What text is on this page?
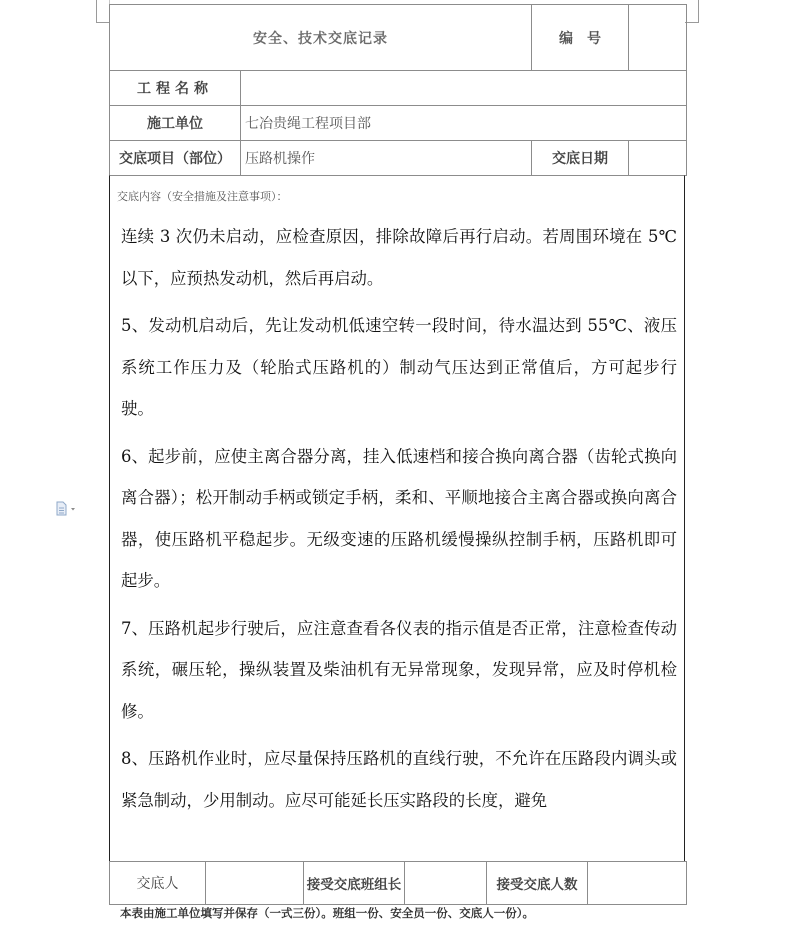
安全、技术交底记录		编　号	
工程名称			
施工单位	七冶贵绳工程项目部		
交底项目（部位）	压路机操作	交底日期	
交底内容（安全措施及注意事项）：

连续 3 次仍未启动，应检查原因，排除故障后再行启动。若周围环境在 5℃以下，应预热发动机，然后再启动。

5、发动机启动后，先让发动机低速空转一段时间，待水温达到 55℃、液压系统工作压力及（轮胎式压路机的）制动气压达到正常值后，方可起步行驶。

6、起步前，应使主离合器分离，挂入低速档和接合换向离合器（齿轮式换向离合器）；松开制动手柄或锁定手柄，柔和、平顺地接合主离合器或换向离合器，使压路机平稳起步。无级变速的压路机缓慢操纵控制手柄，压路机即可起步。

7、压路机起步行驶后，应注意查看各仪表的指示值是否正常，注意检查传动系统，碾压轮，操纵装置及柴油机有无异常现象，发现异常，应及时停机检修。

8、压路机作业时，应尽量保持压路机的直线行驶，不允许在压路段内调头或紧急制动，少用制动。应尽可能延长压实路段的长度，避免

交底人		接受交底班组长		接受交底人数	
本表由施工单位填写并保存（一式三份）。班组一份、安全员一份、交底人一份）。
